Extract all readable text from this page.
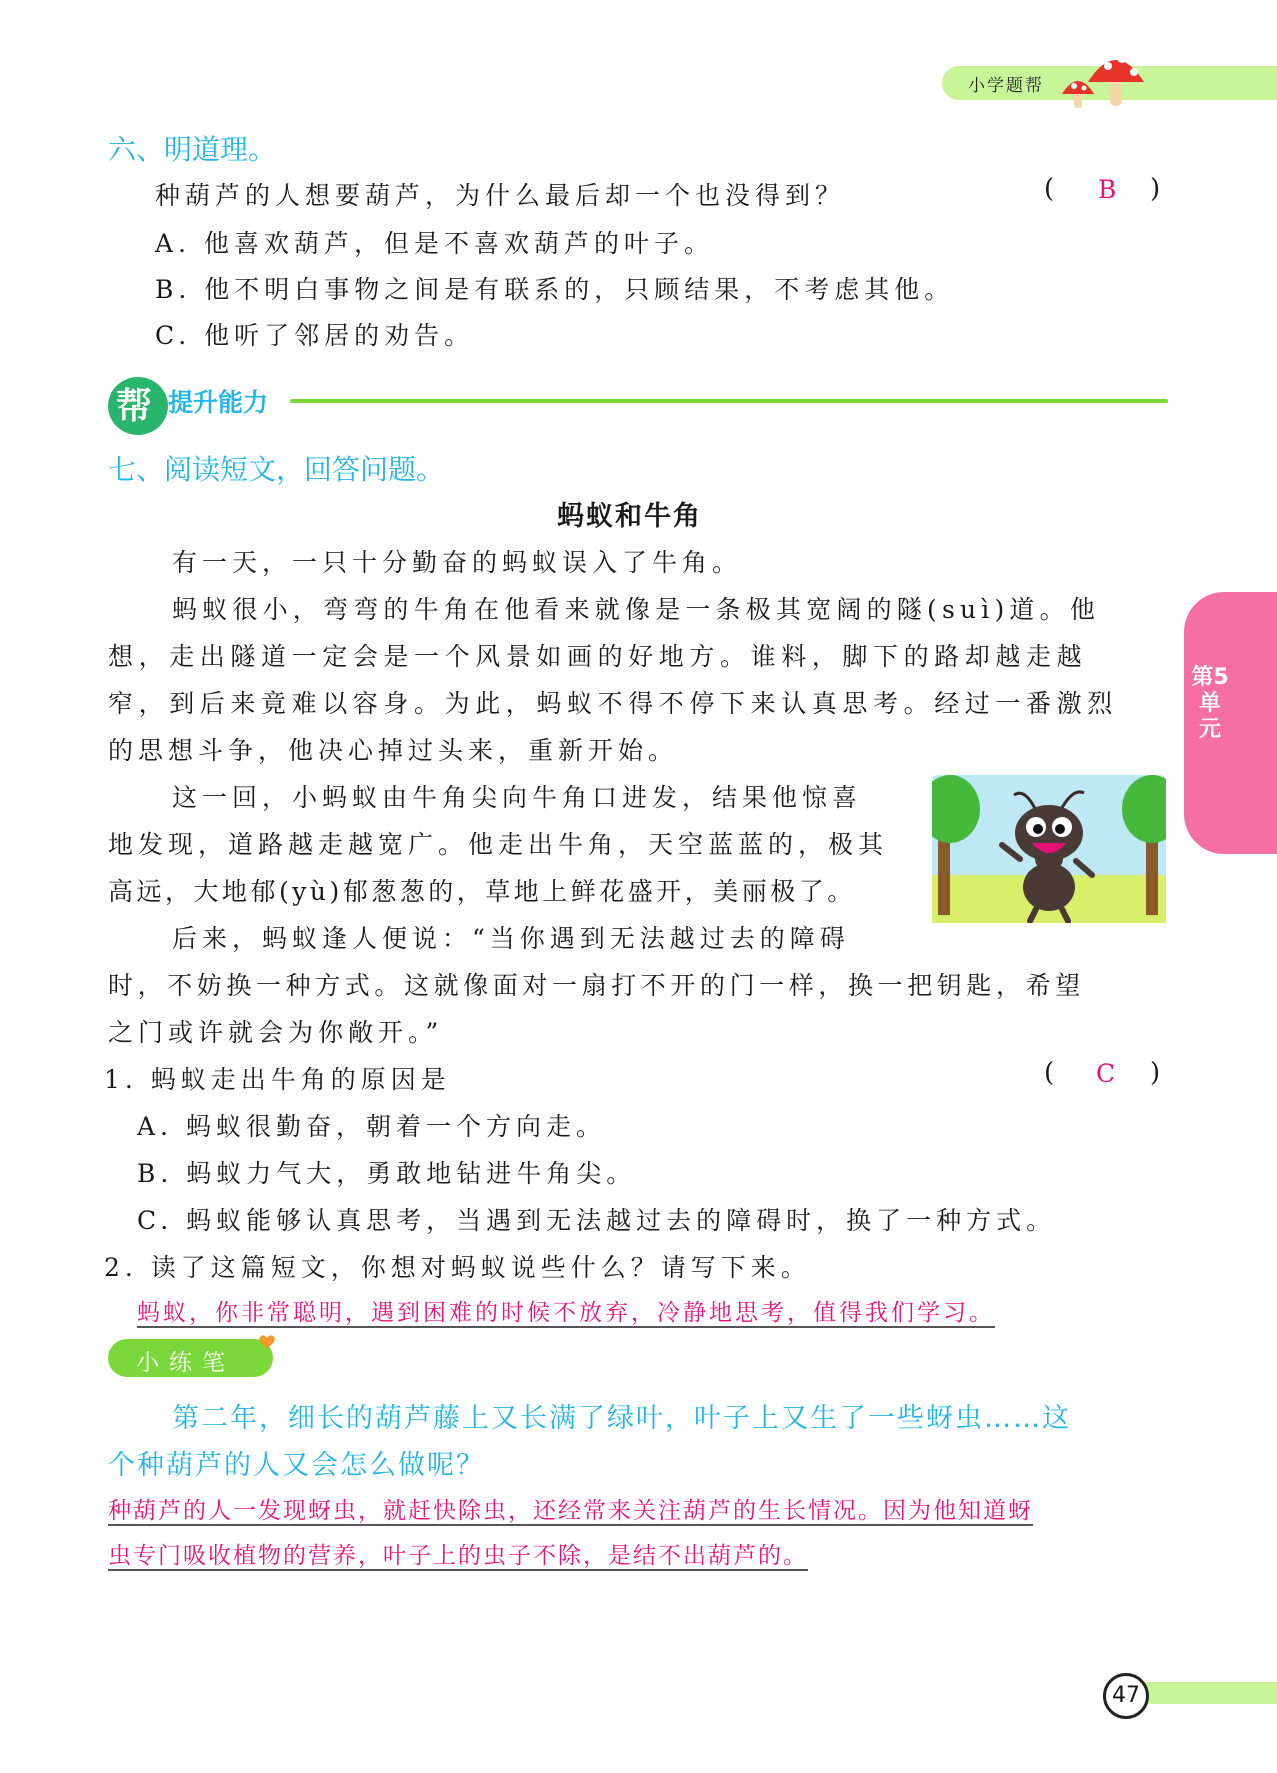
小学题帮
第5单元
六、明道理。
种葫芦的人想要葫芦，为什么最后却一个也没得到？	( B )
A. 他喜欢葫芦，但是不喜欢葫芦的叶子。
B. 他不明白事物之间是有联系的，只顾结果，不考虑其他。
C. 他听了邻居的劝告。
帮 提升能力
七、阅读短文，回答问题。
蚂蚁和牛角
有一天，一只十分勤奋的蚂蚁误入了牛角。
蚂蚁很小，弯弯的牛角在他看来就像是一条极其宽阔的隧(suì)道。他
想，走出隧道一定会是一个风景如画的好地方。谁料，脚下的路却越走越
窄，到后来竟难以容身。为此，蚂蚁不得不停下来认真思考。经过一番激烈
的思想斗争，他决心掉过头来，重新开始。
这一回，小蚂蚁由牛角尖向牛角口进发，结果他惊喜
地发现，道路越走越宽广。他走出牛角，天空蓝蓝的，极其
高远，大地郁(yù)郁葱葱的，草地上鲜花盛开，美丽极了。
后来，蚂蚁逢人便说：“当你遇到无法越过去的障碍
时，不妨换一种方式。这就像面对一扇打不开的门一样，换一把钥匙，希望
之门或许就会为你敞开。”
1. 蚂蚁走出牛角的原因是	( C )
A. 蚂蚁很勤奋，朝着一个方向走。
B. 蚂蚁力气大，勇敢地钻进牛角尖。
C. 蚂蚁能够认真思考，当遇到无法越过去的障碍时，换了一种方式。
2. 读了这篇短文，你想对蚂蚁说些什么？请写下来。
蚂蚁，你非常聪明，遇到困难的时候不放弃，冷静地思考，值得我们学习。
小练笔
第二年，细长的葫芦藤上又长满了绿叶，叶子上又生了一些蚜虫……这
个种葫芦的人又会怎么做呢？
种葫芦的人一发现蚜虫，就赶快除虫，还经常来关注葫芦的生长情况。因为他知道蚜
虫专门吸收植物的营养，叶子上的虫子不除，是结不出葫芦的。
47
